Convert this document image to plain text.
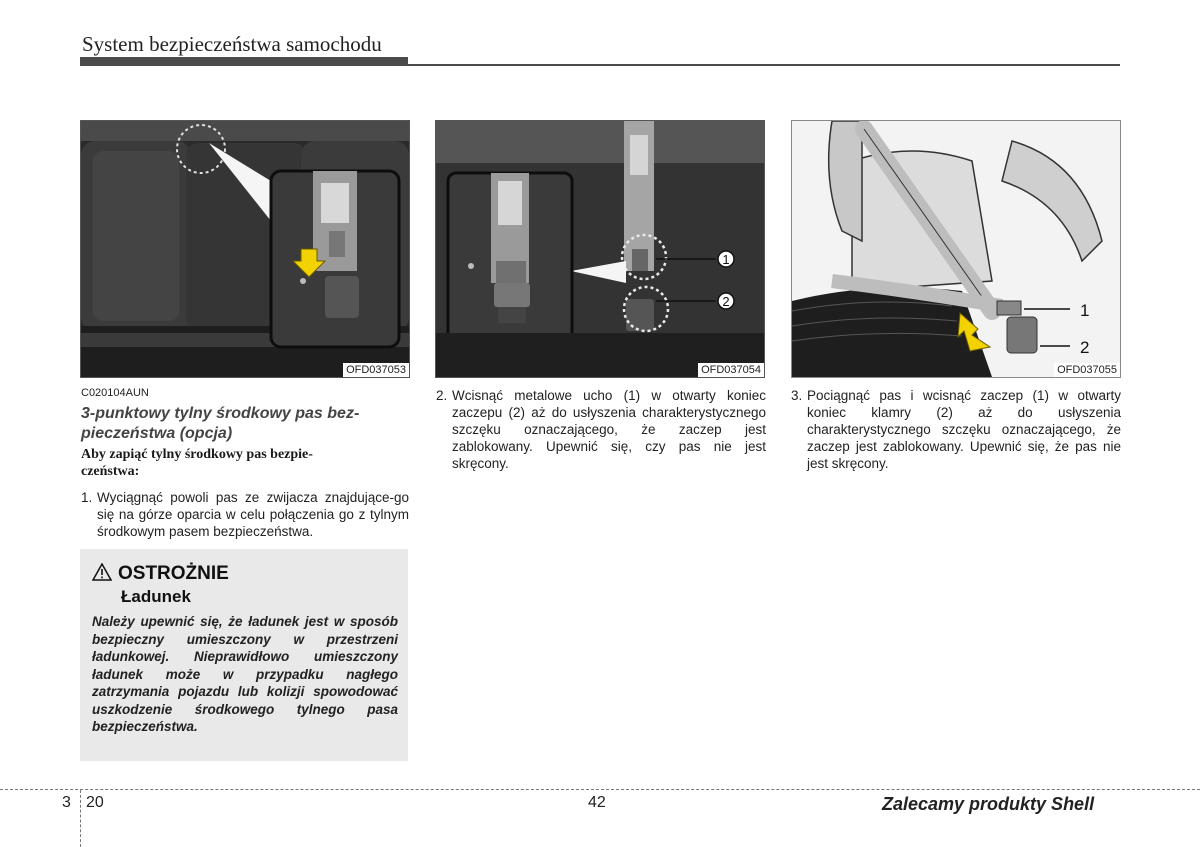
System bezpieczeństwa samochodu
OFD037053
1
2
OFD037054
1
2
OFD037055
C020104AUN
3-punktowy tylny środkowy pas bez-
pieczeństwa (opcja)
Aby zapiąć tylny środkowy pas bezpie-
czeństwa:
1. Wyciągnąć powoli pas ze zwijacza znajdujące-go się na górze oparcia w celu połączenia go z tylnym środkowym pasem bezpieczeństwa.
OSTROŻNIE
Ładunek
Należy upewnić się, że ładunek jest w sposób bezpieczny umieszczony w przestrzeni ładunkowej. Nieprawidłowo umieszczony ładunek może w przypadku nagłego zatrzymania pojazdu lub kolizji spowodować uszkodzenie środkowego tylnego pasa bezpieczeństwa.
2. Wcisnąć metalowe ucho (1) w otwarty koniec zaczepu (2) aż do usłyszenia charakterystycznego szczęku oznaczającego, że zaczep jest zablokowany. Upewnić się, czy pas nie jest skręcony.
3. Pociągnąć pas i wcisnąć zaczep (1) w otwarty koniec klamry (2) aż do usłyszenia charakterystycznego szczęku oznaczającego, że zaczep jest zablokowany. Upewnić się, że pas nie jest skręcony.
3 20	42	Zalecamy produkty Shell
